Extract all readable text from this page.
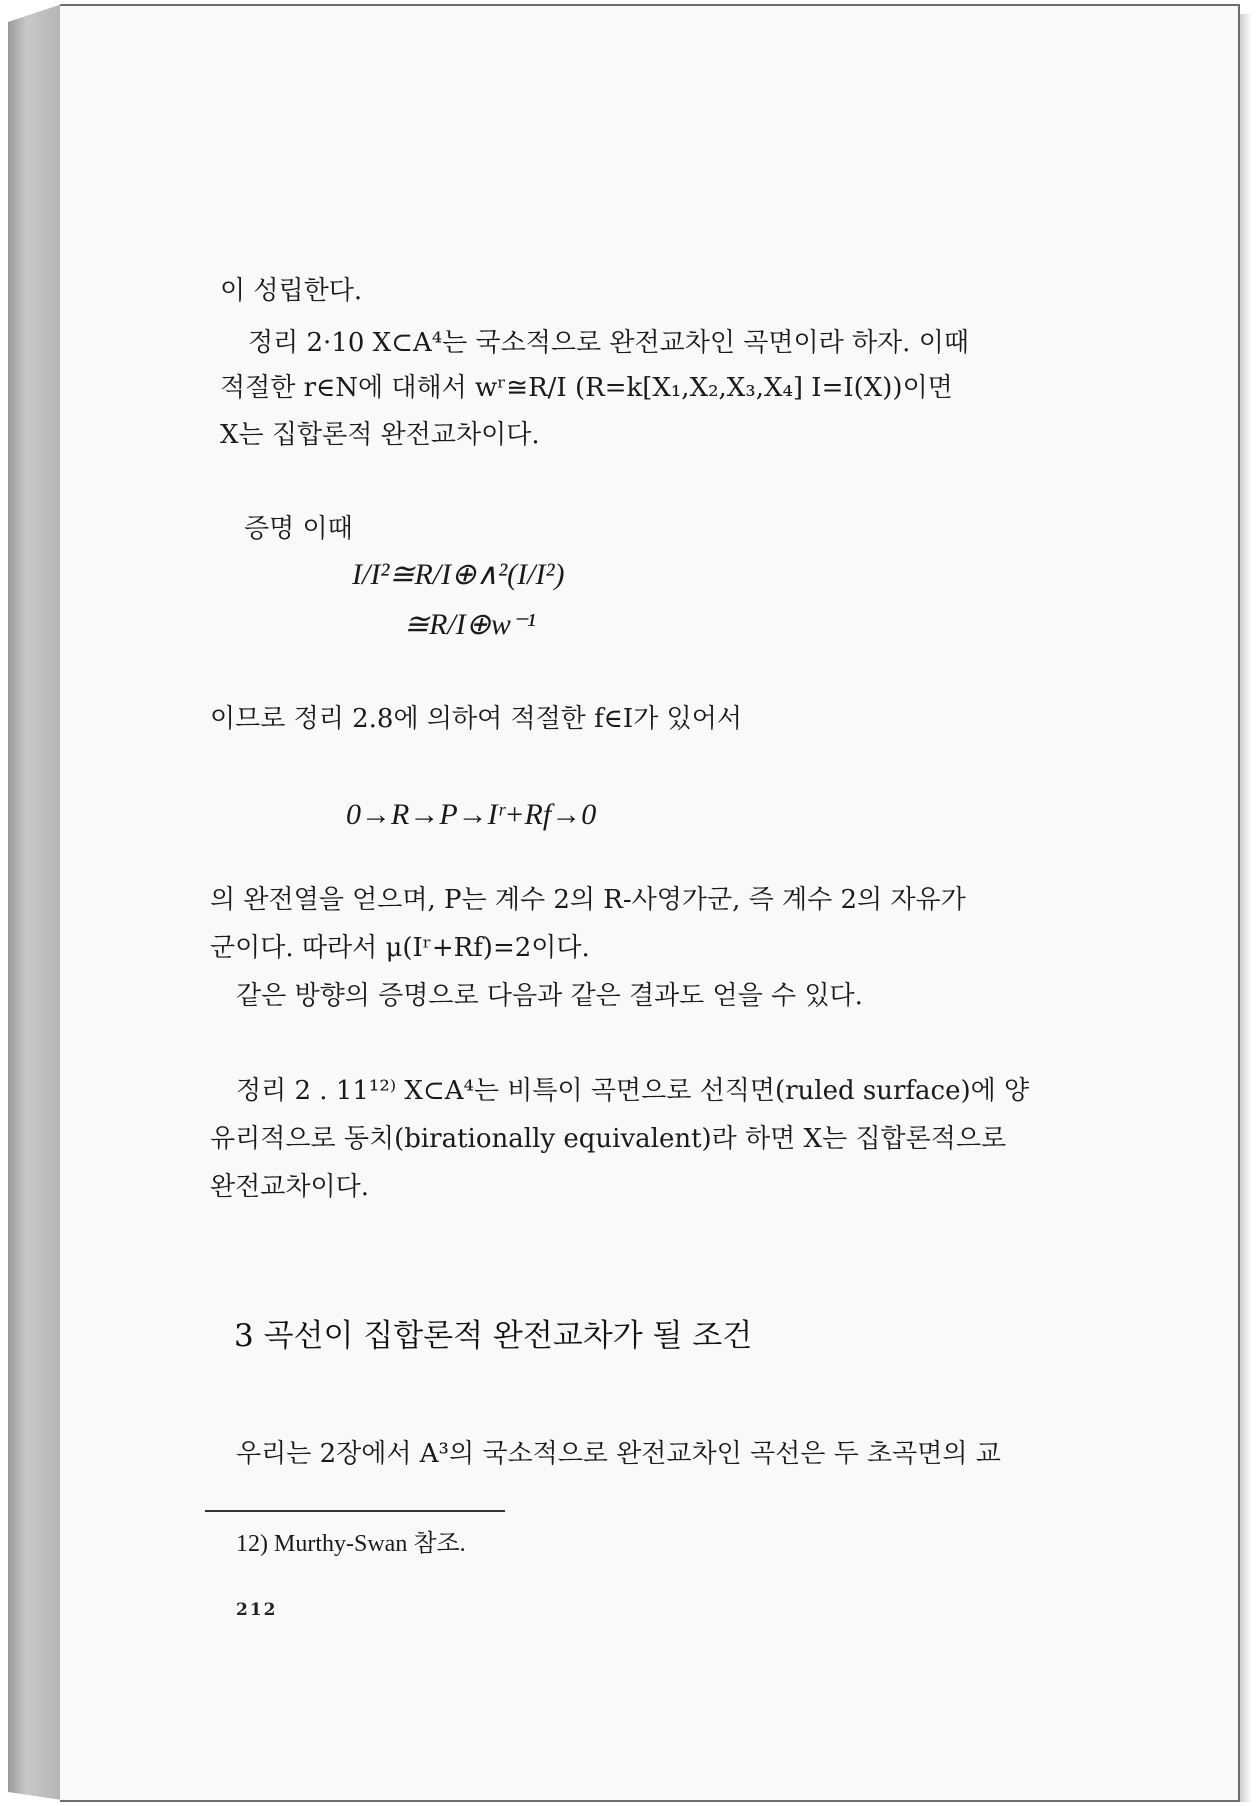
이 성립한다.
정리 2·10 X⊂A⁴는 국소적으로 완전교차인 곡면이라 하자. 이때
적절한 r∈N에 대해서 wʳ≅R/I (R=k[X₁,X₂,X₃,X₄] I=I(X))이면
X는 집합론적 완전교차이다.
증명 이때
I/I²≅R/I⊕∧²(I/I²)
≅R/I⊕w⁻¹
이므로 정리 2.8에 의하여 적절한 f∈I가 있어서
0→R→P→Iʳ+Rf→0
의 완전열을 얻으며, P는 계수 2의 R-사영가군, 즉 계수 2의 자유가
군이다. 따라서 μ(Iʳ+Rf)=2이다.
같은 방향의 증명으로 다음과 같은 결과도 얻을 수 있다.
정리 2 . 11¹²⁾ X⊂A⁴는 비특이 곡면으로 선직면(ruled surface)에 양
유리적으로 동치(birationally equivalent)라 하면 X는 집합론적으로
완전교차이다.
3 곡선이 집합론적 완전교차가 될 조건
우리는 2장에서 A³의 국소적으로 완전교차인 곡선은 두 초곡면의 교
12) Murthy-Swan 참조.
212
